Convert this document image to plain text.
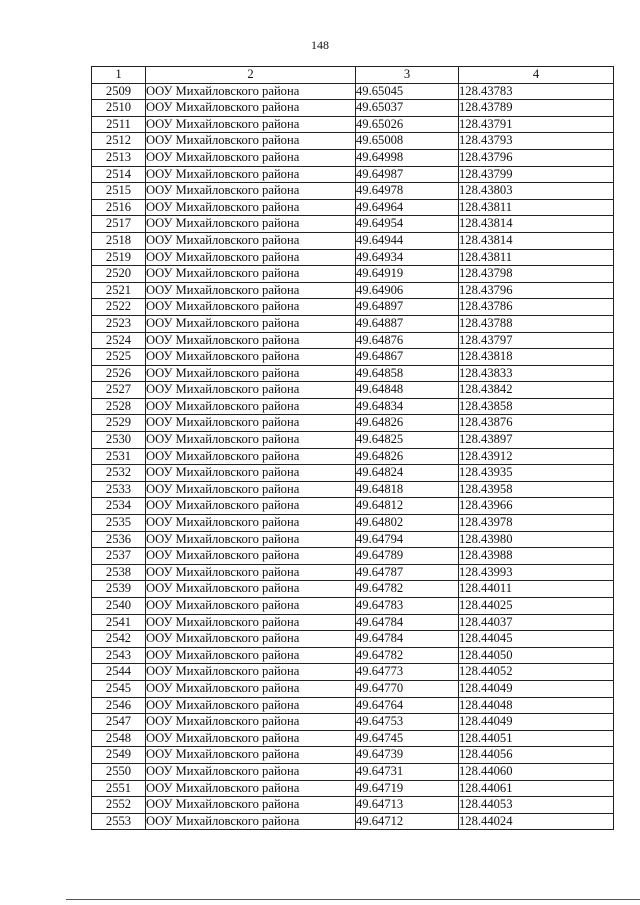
148
1	2	3	4
2509	ООУ Михайловского района	49.65045	128.43783
2510	ООУ Михайловского района	49.65037	128.43789
2511	ООУ Михайловского района	49.65026	128.43791
2512	ООУ Михайловского района	49.65008	128.43793
2513	ООУ Михайловского района	49.64998	128.43796
2514	ООУ Михайловского района	49.64987	128.43799
2515	ООУ Михайловского района	49.64978	128.43803
2516	ООУ Михайловского района	49.64964	128.43811
2517	ООУ Михайловского района	49.64954	128.43814
2518	ООУ Михайловского района	49.64944	128.43814
2519	ООУ Михайловского района	49.64934	128.43811
2520	ООУ Михайловского района	49.64919	128.43798
2521	ООУ Михайловского района	49.64906	128.43796
2522	ООУ Михайловского района	49.64897	128.43786
2523	ООУ Михайловского района	49.64887	128.43788
2524	ООУ Михайловского района	49.64876	128.43797
2525	ООУ Михайловского района	49.64867	128.43818
2526	ООУ Михайловского района	49.64858	128.43833
2527	ООУ Михайловского района	49.64848	128.43842
2528	ООУ Михайловского района	49.64834	128.43858
2529	ООУ Михайловского района	49.64826	128.43876
2530	ООУ Михайловского района	49.64825	128.43897
2531	ООУ Михайловского района	49.64826	128.43912
2532	ООУ Михайловского района	49.64824	128.43935
2533	ООУ Михайловского района	49.64818	128.43958
2534	ООУ Михайловского района	49.64812	128.43966
2535	ООУ Михайловского района	49.64802	128.43978
2536	ООУ Михайловского района	49.64794	128.43980
2537	ООУ Михайловского района	49.64789	128.43988
2538	ООУ Михайловского района	49.64787	128.43993
2539	ООУ Михайловского района	49.64782	128.44011
2540	ООУ Михайловского района	49.64783	128.44025
2541	ООУ Михайловского района	49.64784	128.44037
2542	ООУ Михайловского района	49.64784	128.44045
2543	ООУ Михайловского района	49.64782	128.44050
2544	ООУ Михайловского района	49.64773	128.44052
2545	ООУ Михайловского района	49.64770	128.44049
2546	ООУ Михайловского района	49.64764	128.44048
2547	ООУ Михайловского района	49.64753	128.44049
2548	ООУ Михайловского района	49.64745	128.44051
2549	ООУ Михайловского района	49.64739	128.44056
2550	ООУ Михайловского района	49.64731	128.44060
2551	ООУ Михайловского района	49.64719	128.44061
2552	ООУ Михайловского района	49.64713	128.44053
2553	ООУ Михайловского района	49.64712	128.44024
